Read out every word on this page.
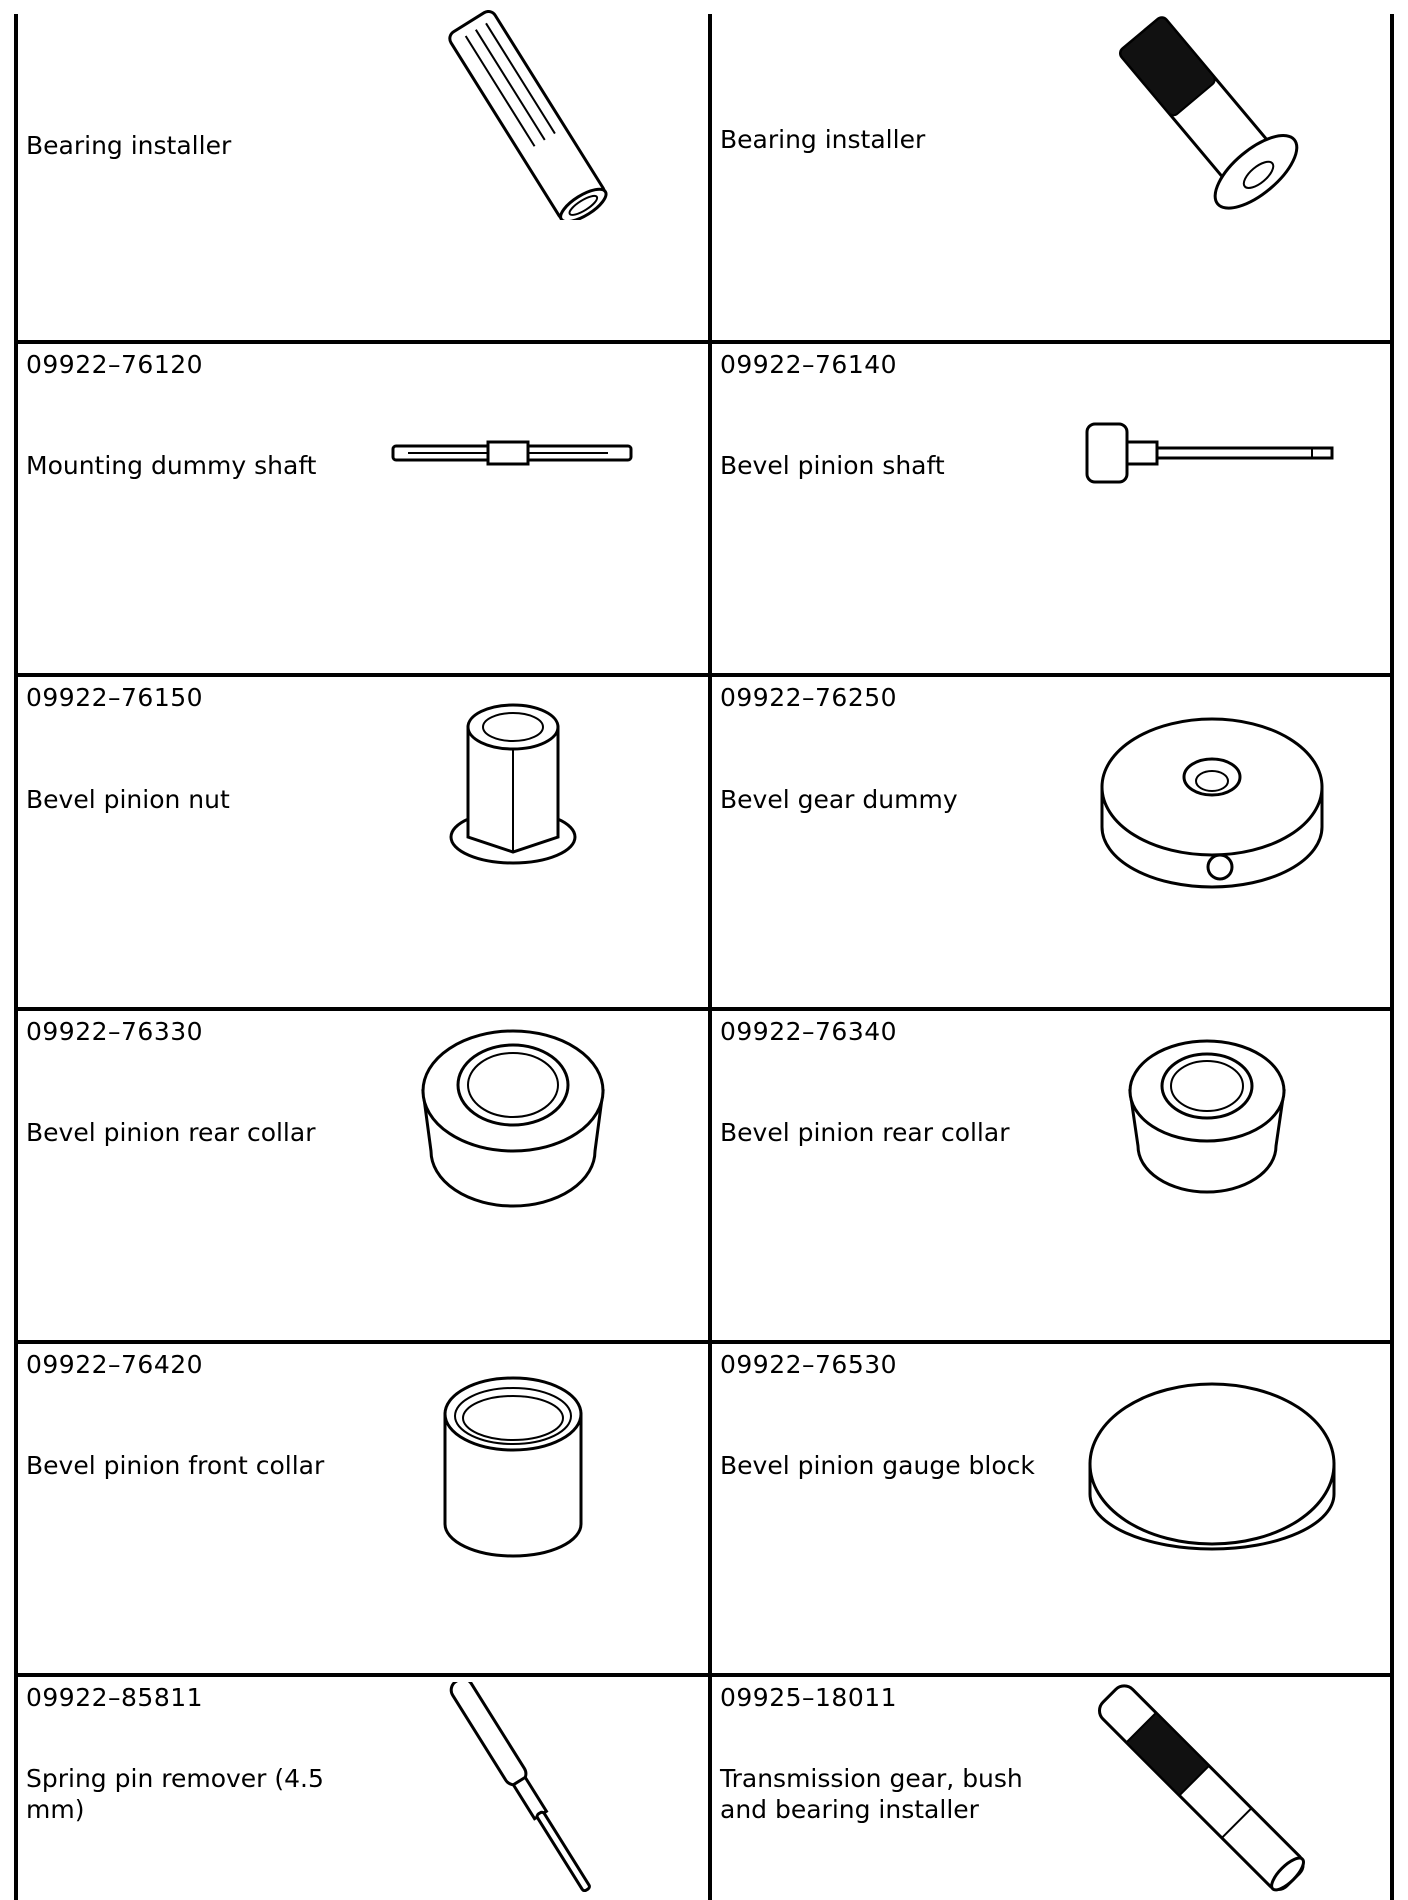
Bearing installer	Bearing installer
09922–76120
Mounting dummy shaft
09922–76140
Bevel pinion shaft
09922–76150
Bevel pinion nut
09922–76250
Bevel gear dummy
09922–76330
Bevel pinion rear collar
09922–76340
Bevel pinion rear collar
09922–76420
Bevel pinion front collar
09922–76530
Bevel pinion gauge block
09922–85811
Spring pin remover (4.5 mm)
09925–18011
Transmission gear, bush and bearing installer
